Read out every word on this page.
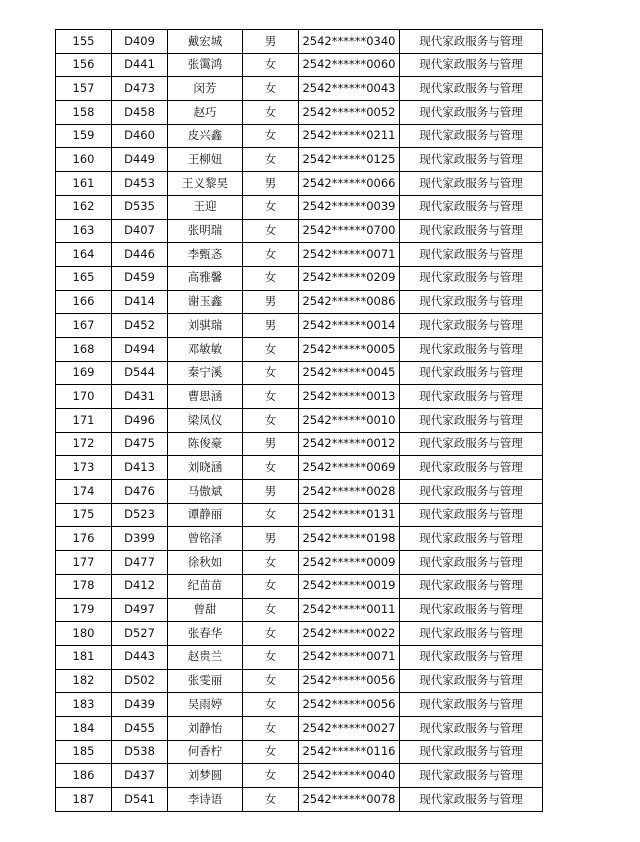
155	D409	戴宏城	男	2542******0340	现代家政服务与管理
156	D441	张霭鸿	女	2542******0060	现代家政服务与管理
157	D473	闵芳	女	2542******0043	现代家政服务与管理
158	D458	赵巧	女	2542******0052	现代家政服务与管理
159	D460	皮兴鑫	女	2542******0211	现代家政服务与管理
160	D449	王柳妞	女	2542******0125	现代家政服务与管理
161	D453	王义黎昊	男	2542******0066	现代家政服务与管理
162	D535	王迎	女	2542******0039	现代家政服务与管理
163	D407	张明瑞	女	2542******0700	现代家政服务与管理
164	D446	李甄忞	女	2542******0071	现代家政服务与管理
165	D459	高雅馨	女	2542******0209	现代家政服务与管理
166	D414	谢玉鑫	男	2542******0086	现代家政服务与管理
167	D452	刘骐瑞	男	2542******0014	现代家政服务与管理
168	D494	邓敏敏	女	2542******0005	现代家政服务与管理
169	D544	秦宁溪	女	2542******0045	现代家政服务与管理
170	D431	曹思涵	女	2542******0013	现代家政服务与管理
171	D496	梁凤仪	女	2542******0010	现代家政服务与管理
172	D475	陈俊豪	男	2542******0012	现代家政服务与管理
173	D413	刘晓涵	女	2542******0069	现代家政服务与管理
174	D476	马傲斌	男	2542******0028	现代家政服务与管理
175	D523	谭静丽	女	2542******0131	现代家政服务与管理
176	D399	曾铭泽	男	2542******0198	现代家政服务与管理
177	D477	徐秋如	女	2542******0009	现代家政服务与管理
178	D412	纪苗苗	女	2542******0019	现代家政服务与管理
179	D497	曾甜	女	2542******0011	现代家政服务与管理
180	D527	张春华	女	2542******0022	现代家政服务与管理
181	D443	赵贵兰	女	2542******0071	现代家政服务与管理
182	D502	张雯丽	女	2542******0056	现代家政服务与管理
183	D439	吴雨婷	女	2542******0056	现代家政服务与管理
184	D455	刘静怡	女	2542******0027	现代家政服务与管理
185	D538	何香柠	女	2542******0116	现代家政服务与管理
186	D437	刘梦圆	女	2542******0040	现代家政服务与管理
187	D541	李诗语	女	2542******0078	现代家政服务与管理
